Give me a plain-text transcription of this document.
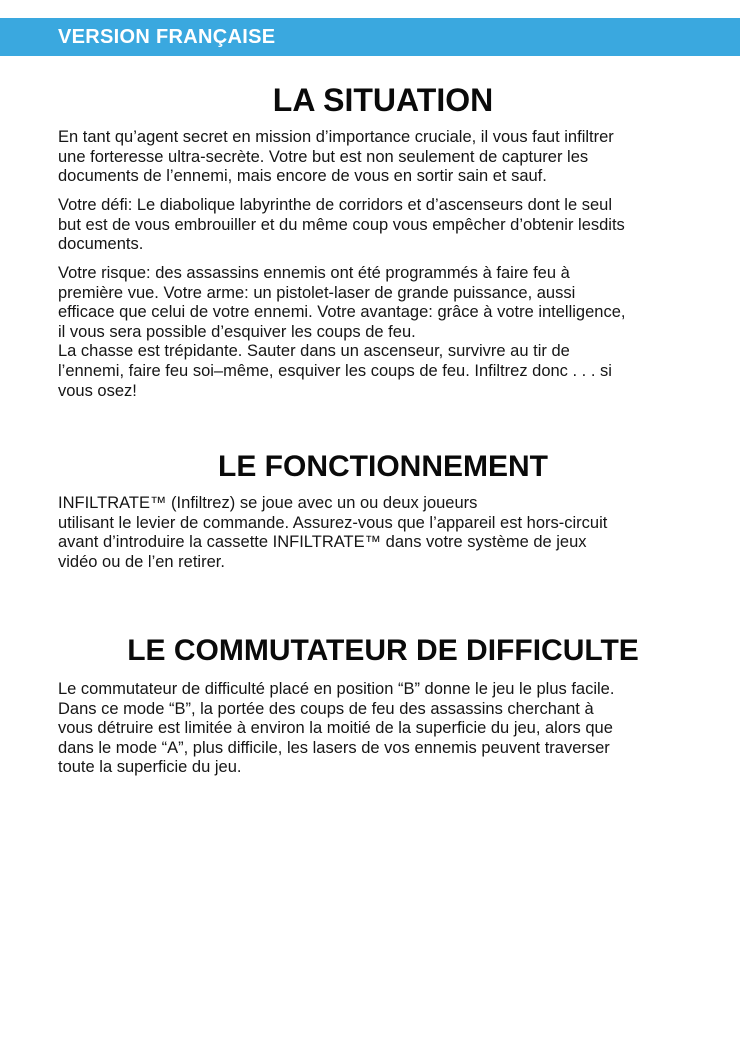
VERSION FRANÇAISE
LA SITUATION

En tant qu’agent secret en mission d’importance cruciale, il vous faut infiltrer
une forteresse ultra-secrète. Votre but est non seulement de capturer les
documents de l’ennemi, mais encore de vous en sortir sain et sauf.

Votre défi: Le diabolique labyrinthe de corridors et d’ascenseurs dont le seul
but est de vous embrouiller et du même coup vous empêcher d’obtenir lesdits
documents.

Votre risque: des assassins ennemis ont été programmés à faire feu à
première vue. Votre arme: un pistolet-laser de grande puissance, aussi
efficace que celui de votre ennemi. Votre avantage: grâce à votre intelligence,
il vous sera possible d’esquiver les coups de feu.
La chasse est trépidante. Sauter dans un ascenseur, survivre au tir de
l’ennemi, faire feu soi–même, esquiver les coups de feu. Infiltrez donc . . . si
vous osez!

LE FONCTIONNEMENT

INFILTRATE™ (Infiltrez) se joue avec un ou deux joueurs
utilisant le levier de commande. Assurez-vous que l’appareil est hors-circuit
avant d’introduire la cassette INFILTRATE™ dans votre système de jeux
vidéo ou de l’en retirer.

LE COMMUTATEUR DE DIFFICULTE

Le commutateur de difficulté placé en position “B” donne le jeu le plus facile.
Dans ce mode “B”, la portée des coups de feu des assassins cherchant à
vous détruire est limitée à environ la moitié de la superficie du jeu, alors que
dans le mode “A”, plus difficile, les lasers de vos ennemis peuvent traverser
toute la superficie du jeu.
